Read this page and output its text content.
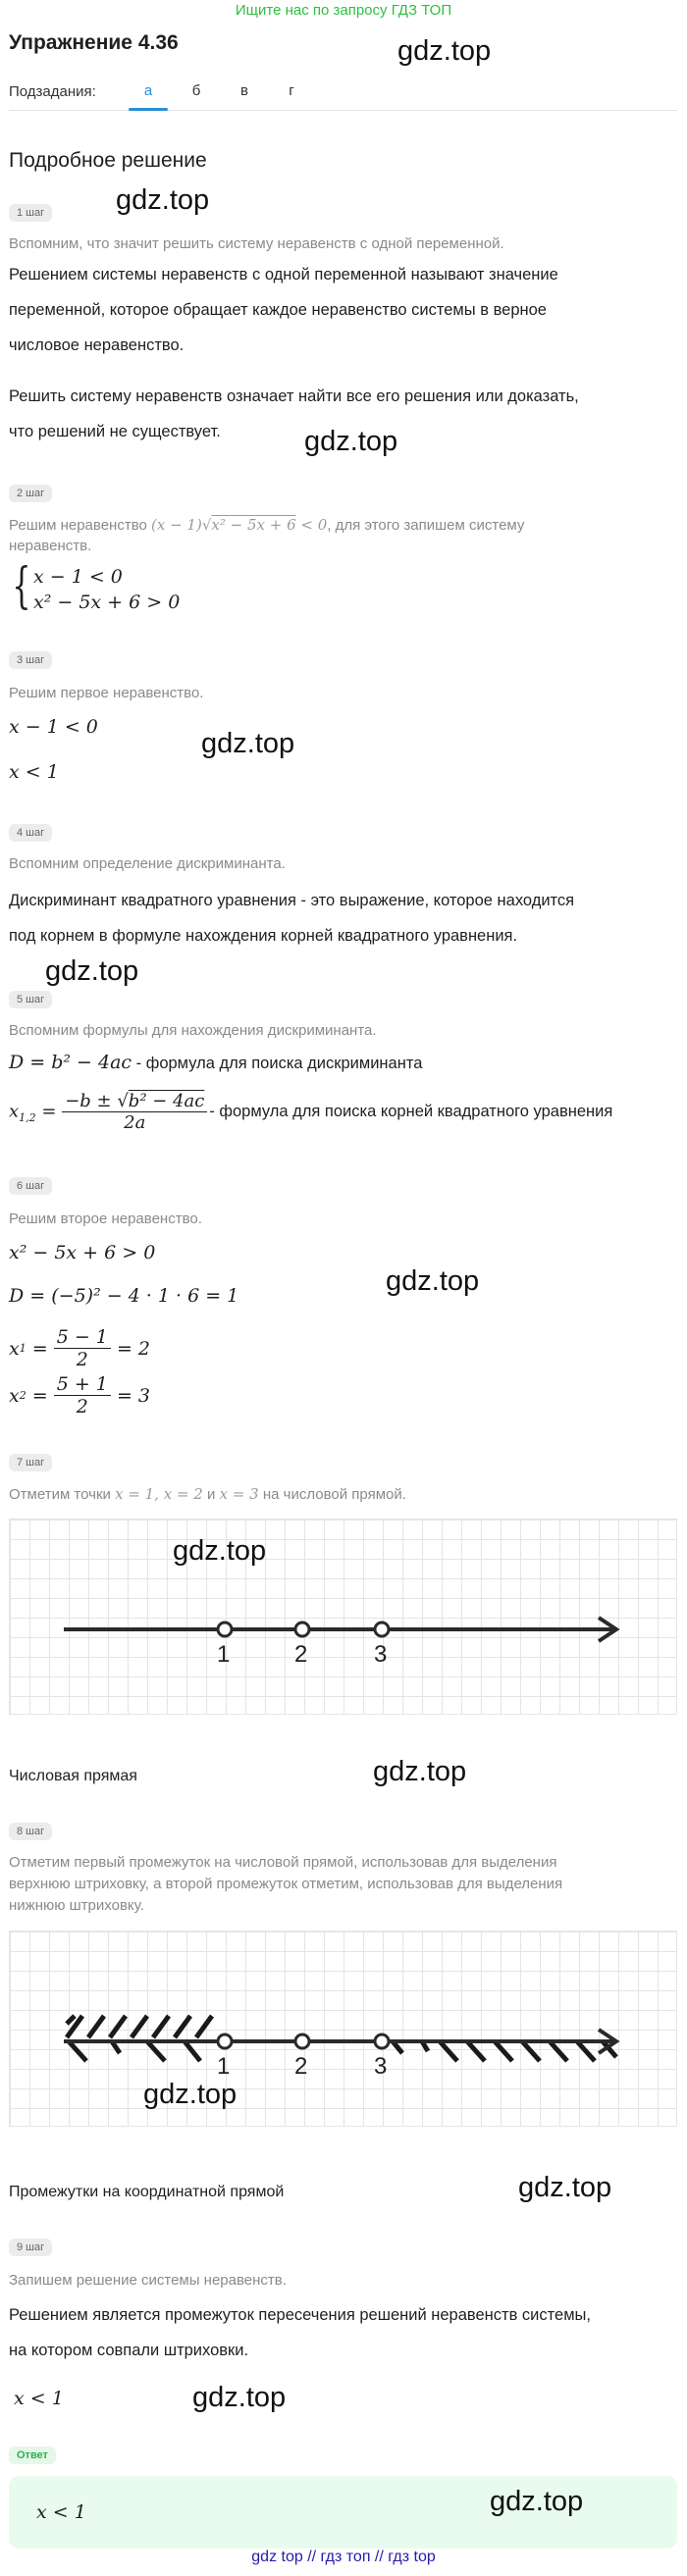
Ищите нас по запросу ГДЗ ТОП
Упражнение 4.36	gdz.top
Подзадания:	а	б	в	г
Подробное решение
1 шаг	gdz.top
Вспомним, что значит решить систему неравенств с одной переменной.
Решением системы неравенств с одной переменной называют значение
переменной, которое обращает каждое неравенство системы в верное
числовое неравенство.
Решить систему неравенств означает найти все его решения или доказать,
что решений не существует.	gdz.top
2 шаг
Решим неравенство (x − 1)√x² − 5x + 6 < 0, для этого запишем систему
неравенств.
{ x − 1 < 0
x² − 5x + 6 > 0
3 шаг
Решим первое неравенство.
x − 1 < 0
gdz.top
x < 1
4 шаг
Вспомним определение дискриминанта.
Дискриминант квадратного уравнения - это выражение, которое находится
под корнем в формуле нахождения корней квадратного уравнения.
gdz.top
5 шаг
Вспомним формулы для нахождения дискриминанта.
D = b² − 4ac - формула для поиска дискриминанта
$x_{1,2} = \frac{\text{−b ± √b² − 4ac}}{2a}$ - формула для поиска корней квадратного уравнения
6 шаг
Решим второе неравенство.
x² − 5x + 6 > 0
gdz.top
D = (−5)² − 4 · 1 · 6 = 1
x $1 = \frac{5 - 1}{2} = 2$
x $2 = \frac{5 + 1}{2} = 3$
7 шаг
Отметим точки x = 1, x = 2 и x = 3 на числовой прямой.
gdz.top
1	2	3
Числовая прямая	gdz.top
8 шаг
Отметим первый промежуток на числовой прямой, использовав для выделения
верхнюю штриховку, а второй промежуток отметим, использовав для выделения
нижнюю штриховку.
1	2	3
gdz.top
Промежутки на координатной прямой	gdz.top
9 шаг
Запишем решение системы неравенств.
Решением является промежуток пересечения решений неравенств системы,
на котором совпали штриховки.
x < 1	gdz.top
Ответ
x < 1	gdz.top
gdz top // гдз топ // гдз top
